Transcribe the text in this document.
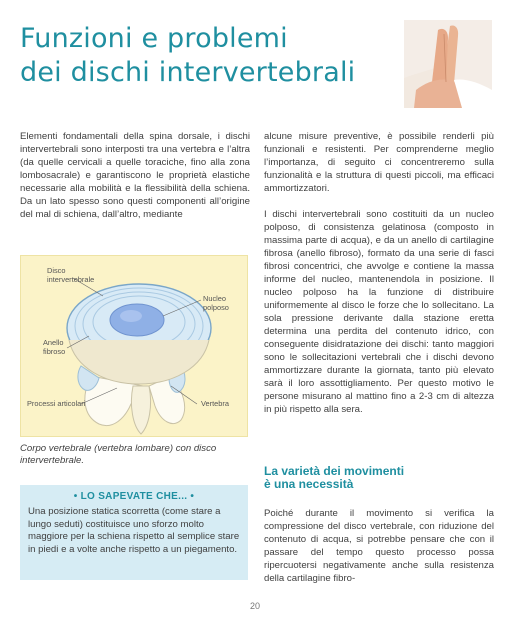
Funzioni e problemi
dei dischi intervertebrali

Elementi fondamentali della spina dorsale, i dischi intervertebrali sono interposti tra una vertebra e l’altra (da quelle cervicali a quelle toraciche, fino alla zona lombosacrale) e garantiscono le proprietà elastiche necessarie alla mobilità e la flessibilità della schiena. Da un lato spesso sono questi componenti all’origine del mal di schiena, dall’altro, mediante

alcune misure preventive, è possibile renderli più funzionali e resistenti. Per comprenderne meglio l’importanza, di seguito ci concentreremo sulla funzionalità e la struttura di questi piccoli, ma efficaci ammortizzatori.

I dischi intervertebrali sono costituiti da un nucleo polposo, di consistenza gelatinosa (composto in massima parte di acqua), e da un anello di cartilagine fibrosa (anello fibroso), formato da una serie di fasci fibrosi concentrici, che avvolge e contiene la massa informe del nucleo, mantenendola in posizione. Il nucleo polposo ha la funzione di distribuire uniformemente al disco le forze che lo sollecitano. La sola pressione derivante dalla stazione eretta determina una perdita del contenuto idrico, con conseguente disidratazione dei dischi: tanto maggiori sono le sollecitazioni vertebrali che i dischi devono ammortizzare durante la giornata, tanto più elevato sarà il loro assottigliamento. Per questo motivo le persone misurano al mattino fino a 2-3 cm di altezza in più rispetto alla sera.

Disco intervertebrale
Nucleo polposo
Anello fibroso
Processi articolari	Vertebra

Corpo vertebrale (vertebra lombare) con disco intervertebrale.

• LO SAPEVATE CHE... •

Una posizione statica scorretta (come stare a lungo seduti) costituisce uno sforzo molto maggiore per la schiena rispetto al semplice stare in piedi e a volte anche rispetto a un piegamento.

La varietà dei movimenti
è una necessità

Poiché durante il movimento si verifica la compressione del disco vertebrale, con riduzione del contenuto di acqua, si potrebbe pensare che con il passare del tempo questo processo possa ripercuotersi negativamente anche sulla resistenza della cartilagine fibro-

20
